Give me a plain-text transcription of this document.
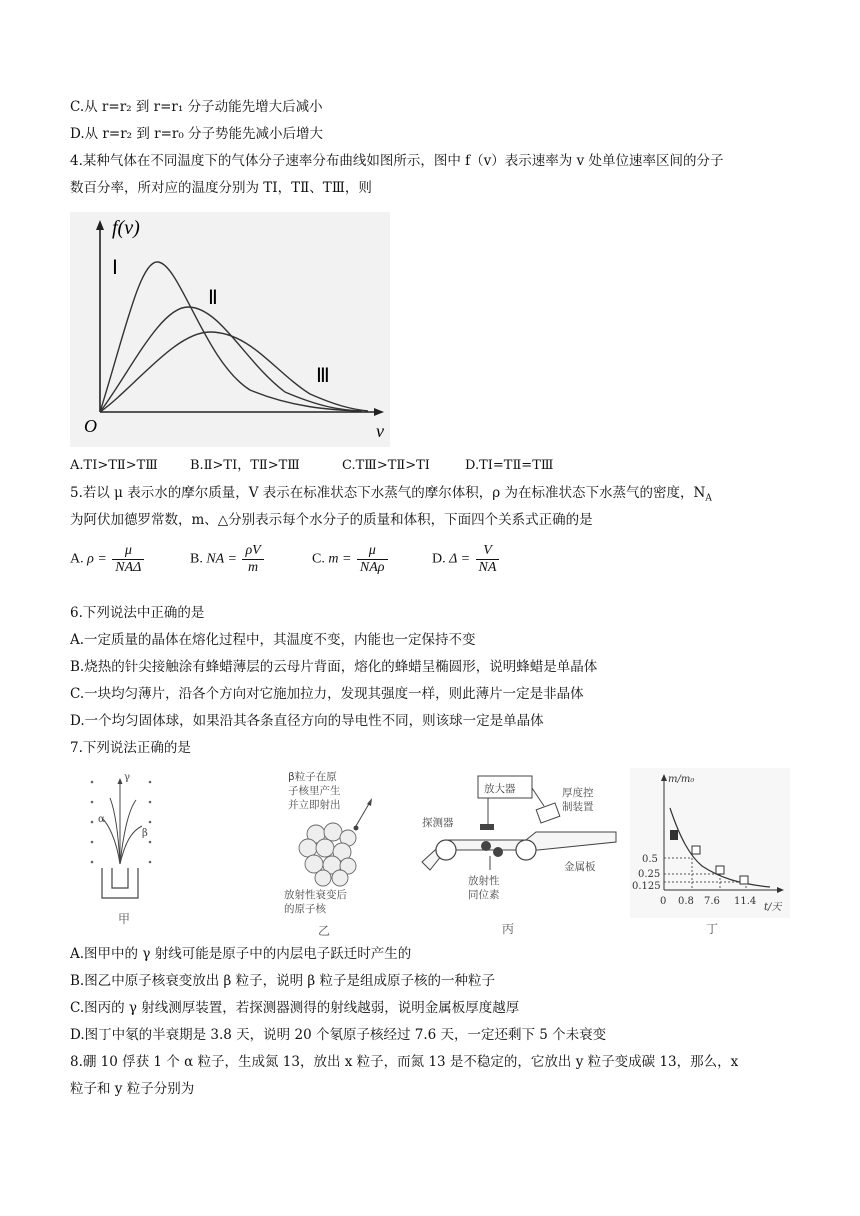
C.从 r=r₂ 到 r=r₁ 分子动能先增大后减小
D.从 r=r₂ 到 r=r₀ 分子势能先减小后增大
4.某种气体在不同温度下的气体分子速率分布曲线如图所示，图中 f（v）表示速率为 v 处单位速率区间的分子
数百分率，所对应的温度分别为 TⅠ，TⅡ、TⅢ，则
f(v)
v
O
Ⅰ
Ⅱ
Ⅲ
A.TⅠ>TⅡ>TⅢ B.Ⅱ>TⅠ，TⅡ>TⅢ	C.TⅢ>TⅡ>TⅠ	D.TⅠ=TⅡ=TⅢ
5.若以 μ 表示水的摩尔质量，V 表示在标准状态下水蒸气的摩尔体积，ρ 为在标准状态下水蒸气的密度，$N_A$
为阿伏加德罗常数，m、△分别表示每个水分子的质量和体积，下面四个关系式正确的是
A. $\rho = \frac{\mu}{\text{NAΔ}}$	B. NA = $\frac{\rho V}{m}$	C. $m = \frac{\mu}{\text{NAρ}}$	D. $\Delta = \frac{V}{NA}$
6.下列说法中正确的是
A.一定质量的晶体在熔化过程中，其温度不变，内能也一定保持不变
B.烧热的针尖接触涂有蜂蜡薄层的云母片背面，熔化的蜂蜡呈椭圆形，说明蜂蜡是单晶体
C.一块均匀薄片，沿各个方向对它施加拉力，发现其强度一样，则此薄片一定是非晶体
D.一个均匀固体球，如果沿其各条直径方向的导电性不同，则该球一定是单晶体
7.下列说法正确的是
γ
α
β
甲
β粒子在原
子核里产生
并立即射出
放射性衰变后
的原子核
乙
放大器	厚度控
制装置
探测器
金属板
放射性
同位素
丙
m/m₀
t/天
0.5
0.25
0.125
0 0.8 7.6 11.4
丁
A.图甲中的 γ 射线可能是原子中的内层电子跃迁时产生的
B.图乙中原子核衰变放出 β 粒子，说明 β 粒子是组成原子核的一种粒子
C.图丙的 γ 射线测厚装置，若探测器测得的射线越弱，说明金属板厚度越厚
D.图丁中氡的半衰期是 3.8 天，说明 20 个氡原子核经过 7.6 天，一定还剩下 5 个未衰变
8.硼 10 俘获 1 个 α 粒子，生成氮 13，放出 x 粒子，而氮 13 是不稳定的，它放出 y 粒子变成碳 13，那么，x
粒子和 y 粒子分别为
